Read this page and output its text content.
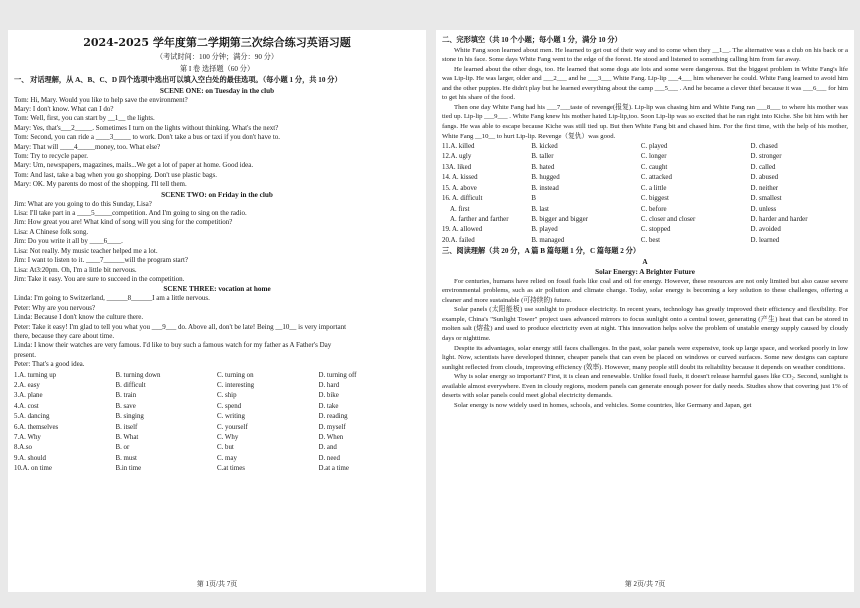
2024-2025 学年度第二学期第三次综合练习英语习题
（考试时间：100 分钟；满分：90 分）
第 I 卷 选择题（60 分）
一、 对话理解，从 A、B、C、D 四个选项中选出可以填入空白处的最佳选项。（每小题 1 分，共 10 分）
SCENE ONE: on Tuesday in the club
Tom: Hi, Mary. Would you like to help save the environment?
Mary: I don't know. What can I do?
Tom: Well, first, you can start by __1__ the lights.
Mary: Yes, that's___2_____. Sometimes I turn on the lights without thinking. What's the next?
Tom: Second, you can ride a ____3_____ to work. Don't take a bus or taxi if you don't have to.
Mary: That will ____4_____money, too. What else?
Tom: Try to recycle paper.
Mary: Um, newspapers, magazines, mails...We get a lot of paper at home. Good idea.
Tom: And last, take a bag when you go shopping. Don't use plastic bags.
Mary: OK. My parents do most of the shopping. I'll tell them.
SCENE TWO: on Friday in the club
Jim: What are you going to do this Sunday, Lisa?
Lisa: I'll take part in a ____5_____competition. And I'm going to sing on the radio.
Jim: How great you are! What kind of song will you sing for the competition?
Lisa: A Chinese folk song.
Jim: Do you write it all by ____6____.
Lisa: Not really. My music teacher helped me a lot.
Jim: I want to listen to it. ____7______will the program start?
Lisa: At3:20pm. Oh, I'm a little bit nervous.
Jim: Take it easy. You are sure to succeed in the competition.
SCENE THREE: vocation at home
Linda: I'm going to Switzerland, ______8______I am a little nervous.
Peter: Why are you nervous?
Linda: Because I don't know the culture there.
Peter: Take it easy! I'm glad to tell you what you ___9___ do. Above all, don't be late! Being __10__ is very important
there, because they care about time.
Linda: I know their watches are very famous. I'd like to buy such a famous watch for my father as A Father's Day
present.
Peter: That's a good idea.
1.A. turning up	B. turning down	C. turning on	D. turning off
2.A. easy	B. difficult	C. interesting	D. hard
3.A. plane	B. train	C. ship	D. bike
4.A. cost	B. save	C. spend	D. take
5.A. dancing	B. singing	C. writing	D. reading
6.A. themselves	B. itself	C. yourself	D. myself
7.A. Why	B. What	C. Why	D. When
8.A.so	B. or	C. but	D. and
9.A. should	B. must	C. may	D. need
10.A. on time	B.in time	C.at times	D.at a time
第 1页/共 7页
二、完形填空（共 10 个小题；每小题 1 分，满分 10 分）

White Fang soon learned about men. He learned to get out of their way and to come when they __1__. The alternative was a club on his back or a stone in his face. Some days White Fang went to the edge of the forest. He stood and listened to something calling him from far away.

He learned about the other dogs, too. He learned that some dogs ate lots and some were dangerous. But the biggest problem in White Fang's life was Lip-lip. He was larger, older and ___2___ and he ___3___ White Fang. Lip-lip ___4___ him whenever he could. White Fang learned to avoid him and the other puppies. He didn't play but he learned everything about the camp ___5___ . And he became a clever thief because it was ___6___ for him to get his share of the food.

Then one day White Fang had his ___7___taste of revenge(报复). Lip-lip was chasing him and White Fang ran ___8___ to where his mother was tied up. Lip-lip ___9___ . White Fang knew his mother hated Lip-lip,too. Soon Lip-lip was so excited that he ran right into Kiche. She bit him with her fangs. He was able to escape because Kiche was still tied up. But then White Fang bit and chased him. For the first time, with the help of his mother, White Fang __10__ to hurt Lip-lip. Revenge（复仇）was good.

11.A. killed	B. kicked	C. played	D. chased
12.A. ugly	B. taller	C. longer	D. stronger
13A. liked	B. hated	C. caught	D. called
14. A. kissed	B. hugged	C. attacked	D. abused
15. A. above	B. instead	C. a little	D. neither
16. A. difficult	B	C. biggest	D. smallest
A. first	B. last	C. before	D. unless
A. farther and farther	B. bigger and bigger	C. closer and closer	D. harder and harder
19. A. allowed	B. played	C. stopped	D. avoided
20.A. failed	B. managed	C. best	D. learned
三、阅读理解（共 20 分，A 篇 B 篇每题 1 分，C 篇每题 2 分）
A
Solar Energy: A Brighter Future

For centuries, humans have relied on fossil fuels like coal and oil for energy. However, these resources are not only limited but also cause severe environmental problems, such as air pollution and climate change. Today, solar energy is becoming a key solution to these challenges, offering a cleaner and more sustainable (可持续的) future.

Solar panels (太阳能板) use sunlight to produce electricity. In recent years, technology has greatly improved their efficiency and flexibility. For example, China's "Sunlight Tower" project uses advanced mirrors to focus sunlight onto a central tower, generating (产生) heat that can be stored in molten salt (熔盐) and used to produce electricity even at night. This innovation helps solve the problem of unstable energy supply caused by cloudy days or nighttime.

Despite its advantages, solar energy still faces challenges. In the past, solar panels were expensive, took up large space, and worked poorly in low light. Now, scientists have developed thinner, cheaper panels that can even be placed on windows or curved surfaces. Some new designs can capture sunlight reflected from clouds, improving efficiency (效率). However, many people still doubt its reliability because it depends on weather conditions.

Why is solar energy so important? First, it is clean and renewable. Unlike fossil fuels, it doesn't release harmful gases like CO₂. Second, sunlight is available almost everywhere. Even in cloudy regions, modern panels can generate enough power for daily needs. Studies show that covering just 1% of deserts with solar panels could meet global electricity demands.

Solar energy is now widely used in homes, schools, and vehicles. Some countries, like Germany and Japan, get

第 2页/共 7页
